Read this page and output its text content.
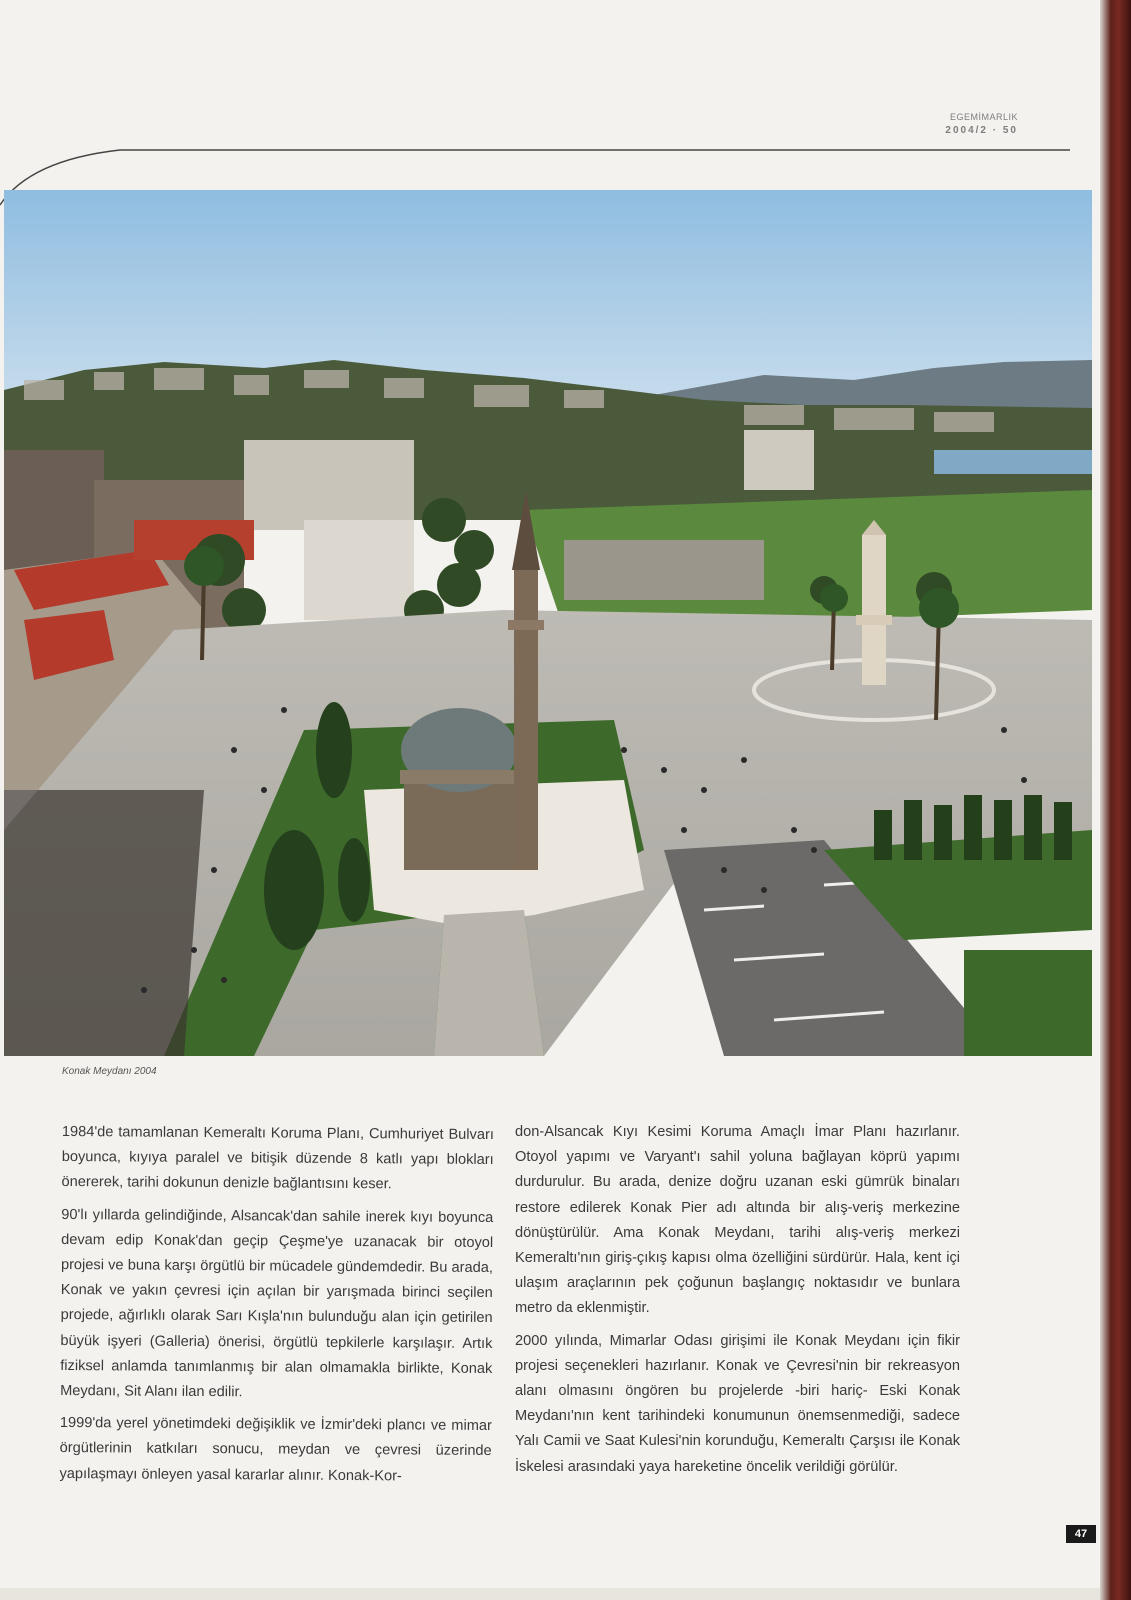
EGEMİMARLIK
2004/2 · 50
Konak Meydanı 2004

1984'de tamamlanan Kemeraltı Koruma Planı, Cumhuriyet Bulvarı boyunca, kıyıya paralel ve bitişik düzende 8 katlı yapı blokları önererek, tarihi dokunun denizle bağlantısını keser.

90'lı yıllarda gelindiğinde, Alsancak'dan sahile inerek kıyı boyunca devam edip Konak'dan geçip Çeşme'ye uzanacak bir otoyol projesi ve buna karşı örgütlü bir mücadele gündemdedir. Bu arada, Konak ve yakın çevresi için açılan bir yarışmada birinci seçilen projede, ağırlıklı olarak Sarı Kışla'nın bulunduğu alan için getirilen büyük işyeri (Galleria) önerisi, örgütlü tepkilerle karşılaşır. Artık fiziksel anlamda tanımlanmış bir alan olmamakla birlikte, Konak Meydanı, Sit Alanı ilan edilir.

1999'da yerel yönetimdeki değişiklik ve İzmir'deki plancı ve mimar örgütlerinin katkıları sonucu, meydan ve çevresi üzerinde yapılaşmayı önleyen yasal kararlar alınır. Konak-Kor-

don-Alsancak Kıyı Kesimi Koruma Amaçlı İmar Planı hazırlanır. Otoyol yapımı ve Varyant'ı sahil yoluna bağlayan köprü yapımı durdurulur. Bu arada, denize doğru uzanan eski gümrük binaları restore edilerek Konak Pier adı altında bir alış-veriş merkezine dönüştürülür. Ama Konak Meydanı, tarihi alış-veriş merkezi Kemeraltı'nın giriş-çıkış kapısı olma özelliğini sürdürür. Hala, kent içi ulaşım araçlarının pek çoğunun başlangıç noktasıdır ve bunlara metro da eklenmiştir.

2000 yılında, Mimarlar Odası girişimi ile Konak Meydanı için fikir projesi seçenekleri hazırlanır. Konak ve Çevresi'nin bir rekreasyon alanı olmasını öngören bu projelerde -biri hariç- Eski Konak Meydanı'nın kent tarihindeki konumunun önemsenmediği, sadece Yalı Camii ve Saat Kulesi'nin korunduğu, Kemeraltı Çarşısı ile Konak İskelesi arasındaki yaya hareketine öncelik verildiği görülür.

47
